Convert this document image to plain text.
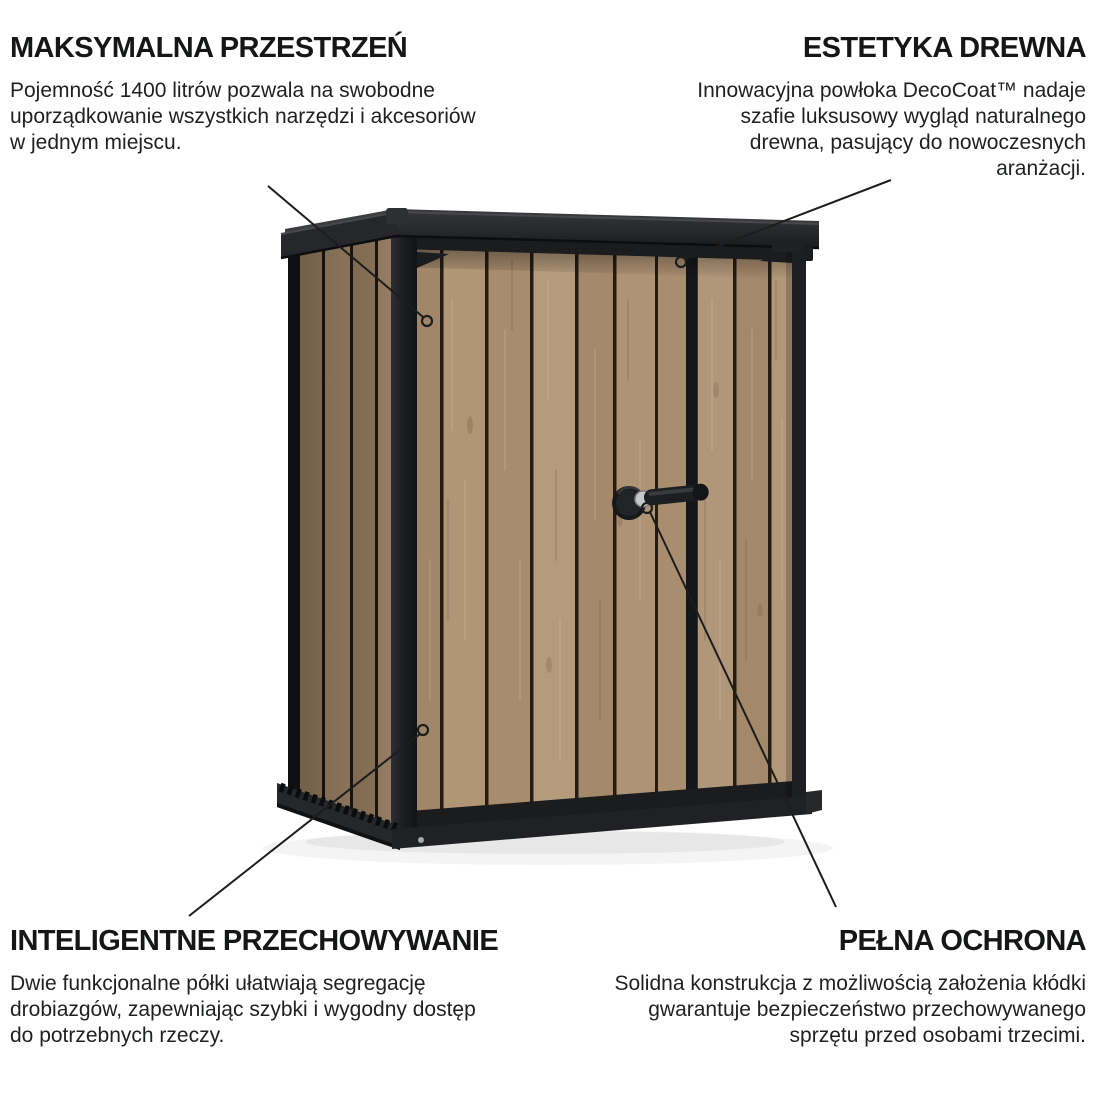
MAKSYMALNA PRZESTRZEŃ

Pojemność 1400 litrów pozwala na swobodne uporządkowanie wszystkich narzędzi i akcesoriów w jednym miejscu.

ESTETYKA DREWNA

Innowacyjna powłoka DecoCoat™ nadaje szafie luksusowy wygląd naturalnego drewna, pasujący do nowoczesnych aranżacji.

INTELIGENTNE PRZECHOWYWANIE

Dwie funkcjonalne półki ułatwiają segregację drobiazgów, zapewniając szybki i wygodny dostęp do potrzebnych rzeczy.

PEŁNA OCHRONA

Solidna konstrukcja z możliwością założenia kłódki gwarantuje bezpieczeństwo przechowywanego sprzętu przed osobami trzecimi.
